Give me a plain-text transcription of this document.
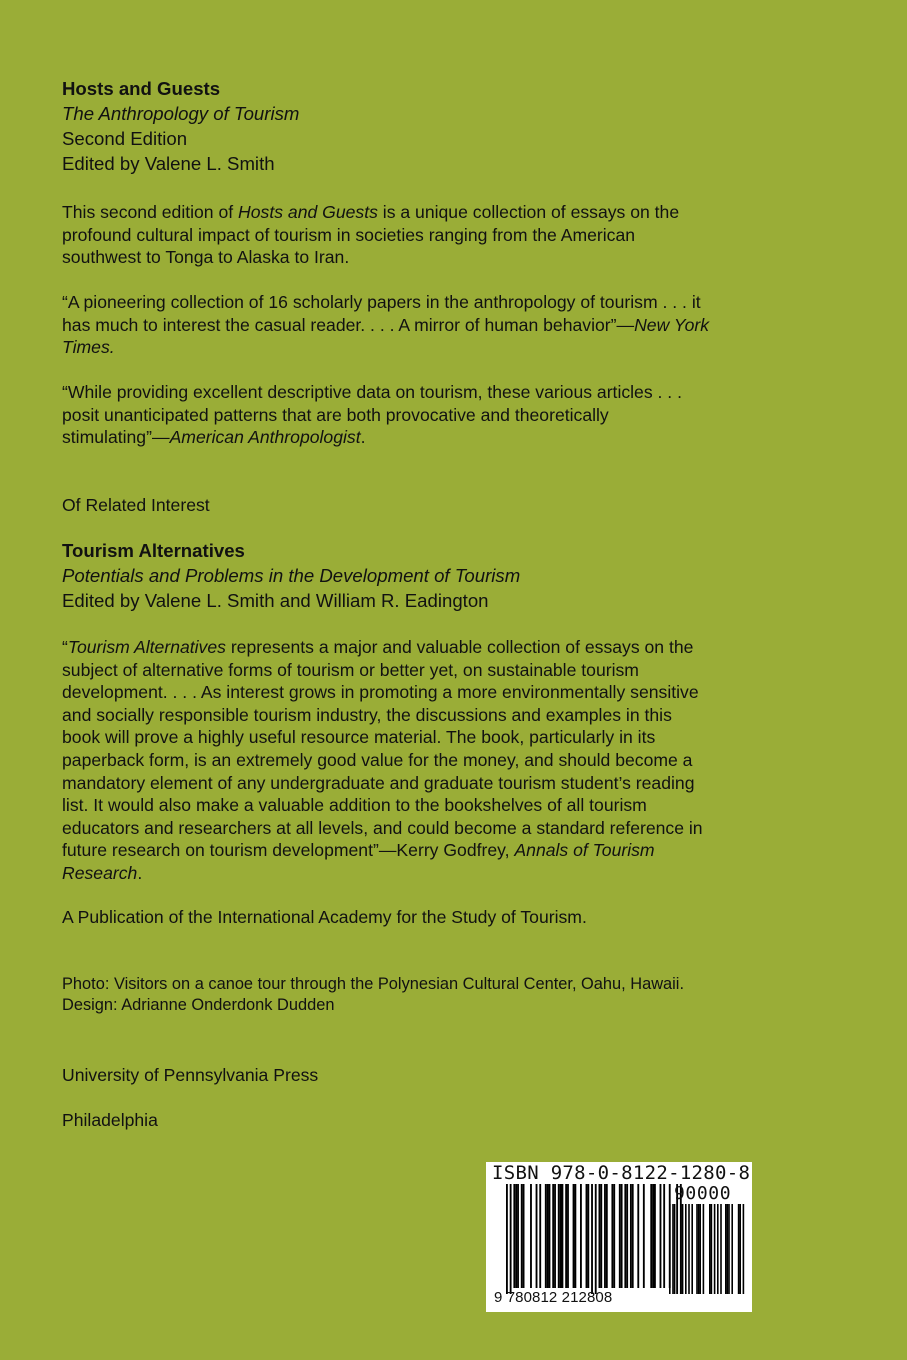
Hosts and Guests
The Anthropology of Tourism
Second Edition
Edited by Valene L. Smith
This second edition of Hosts and Guests is a unique collection of essays on the
profound cultural impact of tourism in societies ranging from the American
southwest to Tonga to Alaska to Iran.
“A pioneering collection of 16 scholarly papers in the anthropology of tourism . . . it
has much to interest the casual reader. . . . A mirror of human behavior”—New York
Times.
“While providing excellent descriptive data on tourism, these various articles . . .
posit unanticipated patterns that are both provocative and theoretically
stimulating”—American Anthropologist.
Of Related Interest
Tourism Alternatives
Potentials and Problems in the Development of Tourism
Edited by Valene L. Smith and William R. Eadington
“Tourism Alternatives represents a major and valuable collection of essays on the
subject of alternative forms of tourism or better yet, on sustainable tourism
development. . . . As interest grows in promoting a more environmentally sensitive
and socially responsible tourism industry, the discussions and examples in this
book will prove a highly useful resource material. The book, particularly in its
paperback form, is an extremely good value for the money, and should become a
mandatory element of any undergraduate and graduate tourism student’s reading
list. It would also make a valuable addition to the bookshelves of all tourism
educators and researchers at all levels, and could become a standard reference in
future research on tourism development”—Kerry Godfrey, Annals of Tourism
Research.
A Publication of the International Academy for the Study of Tourism.
Photo: Visitors on a canoe tour through the Polynesian Cultural Center, Oahu, Hawaii.
Design: Adrianne Onderdonk Dudden
University of Pennsylvania Press
Philadelphia
ISBN 978-0-8122-1280-8
90000
9 780812 212808
